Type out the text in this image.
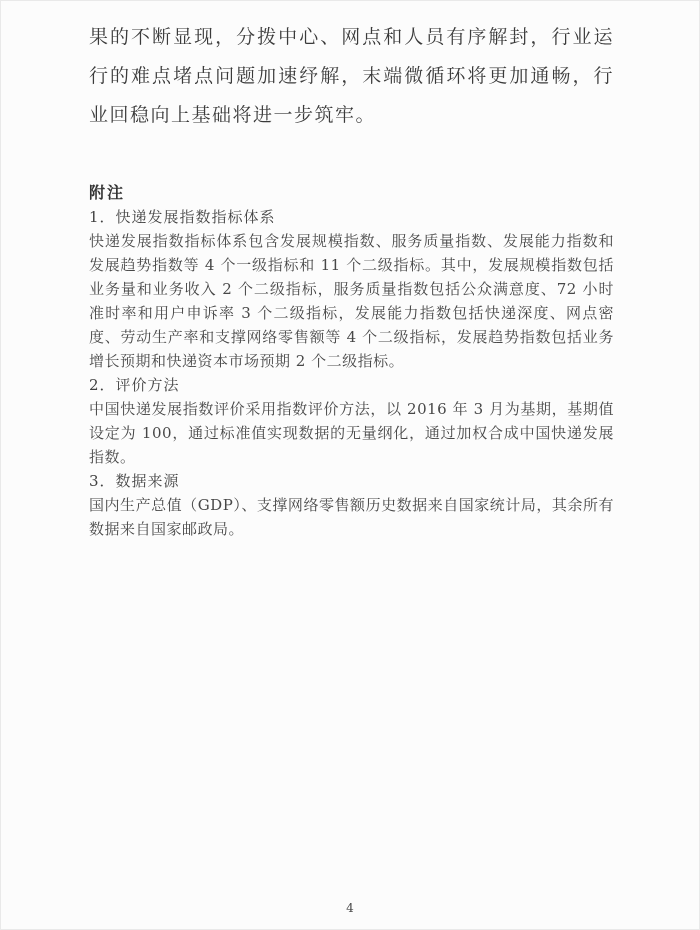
果的不断显现，分拨中心、网点和人员有序解封，行业运行的难点堵点问题加速纾解，末端微循环将更加通畅，行业回稳向上基础将进一步筑牢。

附注
1．快递发展指数指标体系
快递发展指数指标体系包含发展规模指数、服务质量指数、发展能力指数和发展趋势指数等 4 个一级指标和 11 个二级指标。其中，发展规模指数包括业务量和业务收入 2 个二级指标，服务质量指数包括公众满意度、72 小时准时率和用户申诉率 3 个二级指标，发展能力指数包括快递深度、网点密度、劳动生产率和支撑网络零售额等 4 个二级指标，发展趋势指数包括业务增长预期和快递资本市场预期 2 个二级指标。
2．评价方法
中国快递发展指数评价采用指数评价方法，以 2016 年 3 月为基期，基期值设定为 100，通过标准值实现数据的无量纲化，通过加权合成中国快递发展指数。
3．数据来源
国内生产总值（GDP）、支撑网络零售额历史数据来自国家统计局，其余所有数据来自国家邮政局。
4
